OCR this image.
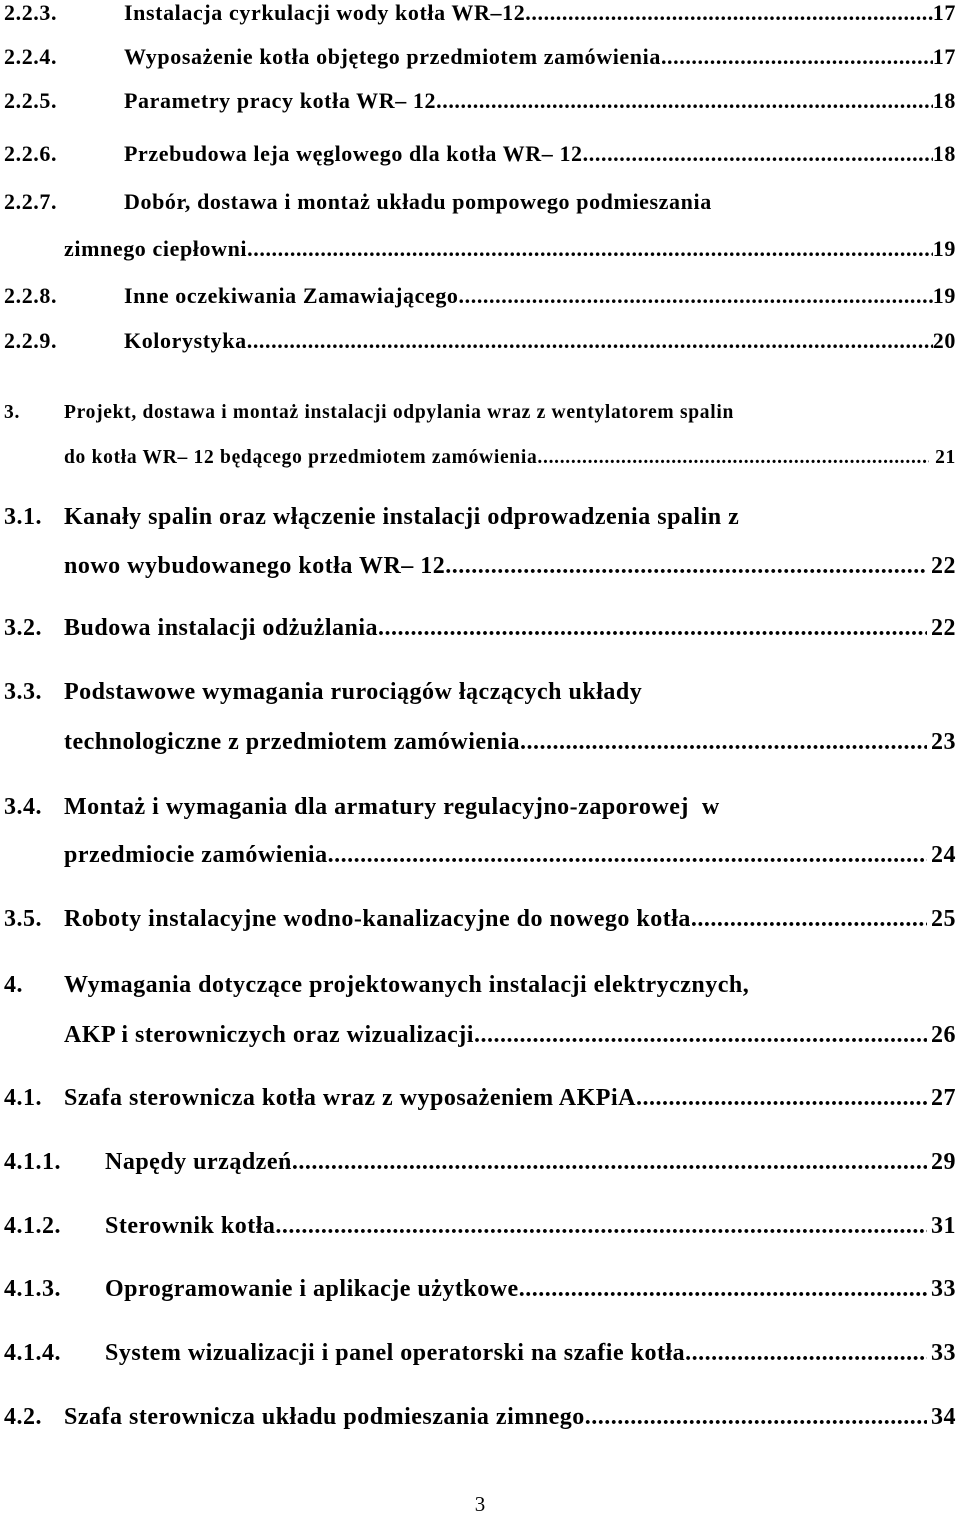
2.2.3.	Instalacja cyrkulacji wody kotła WR–12 .....	17
2.2.4.	Wyposażenie kotła objętego przedmiotem zamówienia .....	17
2.2.5.	Parametry pracy kotła WR– 12. .....	18
2.2.6.	Przebudowa leja węglowego dla kotła WR– 12. .....	18
2.2.7.	Dobór, dostawa i montaż układu pompowego podmieszania
zimnego ciepłowni .....	19
2.2.8.	Inne oczekiwania Zamawiającego .....	19
2.2.9.	Kolorystyka .....	20
3. Projekt, dostawa i montaż instalacji odpylania wraz z wentylatorem spalin
do kotła WR– 12 będącego przedmiotem zamówienia .....	21
3.1. Kanały spalin oraz włączenie instalacji odprowadzenia spalin z
nowo wybudowanego kotła WR– 12 .....	22
3.2. Budowa instalacji odżużlania. .....	22
3.3. Podstawowe wymagania rurociągów łączących układy
technologiczne z przedmiotem zamówienia. .....	23
3.4. Montaż i wymagania dla armatury regulacyjno-zaporowej  w
przedmiocie zamówienia. .....	24
3.5. Roboty instalacyjne wodno-kanalizacyjne do nowego kotła. .....	25
4. Wymagania dotyczące projektowanych instalacji elektrycznych,
AKP i sterowniczych oraz wizualizacji .....	26
4.1. Szafa sterownicza kotła wraz z wyposażeniem AKPiA .....	27
4.1.1.	Napędy urządzeń .....	29
4.1.2.	Sterownik kotła .....	31
4.1.3.	Oprogramowanie i aplikacje użytkowe .....	33
4.1.4.	System wizualizacji i panel operatorski na szafie kotła .....	33
4.2. Szafa sterownicza układu podmieszania zimnego .....	34
3
